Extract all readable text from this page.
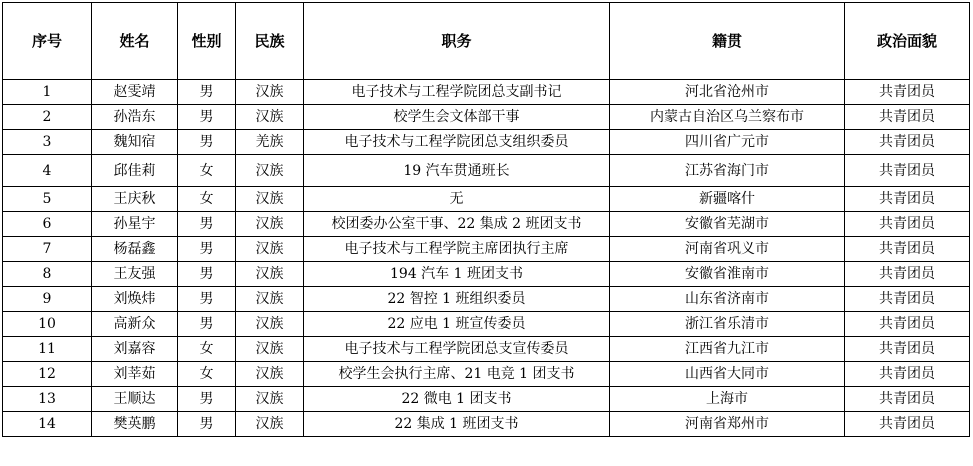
序号	姓名	性别	民族	职务	籍贯	政治面貌
1	赵雯靖	男	汉族	电子技术与工程学院团总支副书记	河北省沧州市	共青团员
2	孙浩东	男	汉族	校学生会文体部干事	内蒙古自治区乌兰察布市	共青团员
3	魏知宿	男	羌族	电子技术与工程学院团总支组织委员	四川省广元市	共青团员
4	邱佳莉	女	汉族	19 汽车贯通班长	江苏省海门市	共青团员
5	王庆秋	女	汉族	无	新疆喀什	共青团员
6	孙星宇	男	汉族	校团委办公室干事、22 集成 2 班团支书	安徽省芜湖市	共青团员
7	杨磊鑫	男	汉族	电子技术与工程学院主席团执行主席	河南省巩义市	共青团员
8	王友强	男	汉族	194 汽车 1 班团支书	安徽省淮南市	共青团员
9	刘焕炜	男	汉族	22 智控 1 班组织委员	山东省济南市	共青团员
10	高新众	男	汉族	22 应电 1 班宣传委员	浙江省乐清市	共青团员
11	刘嘉容	女	汉族	电子技术与工程学院团总支宣传委员	江西省九江市	共青团员
12	刘莘茹	女	汉族	校学生会执行主席、21 电竞 1 团支书	山西省大同市	共青团员
13	王顺达	男	汉族	22 微电 1 团支书	上海市	共青团员
14	樊英鹏	男	汉族	22 集成 1 班团支书	河南省郑州市	共青团员
